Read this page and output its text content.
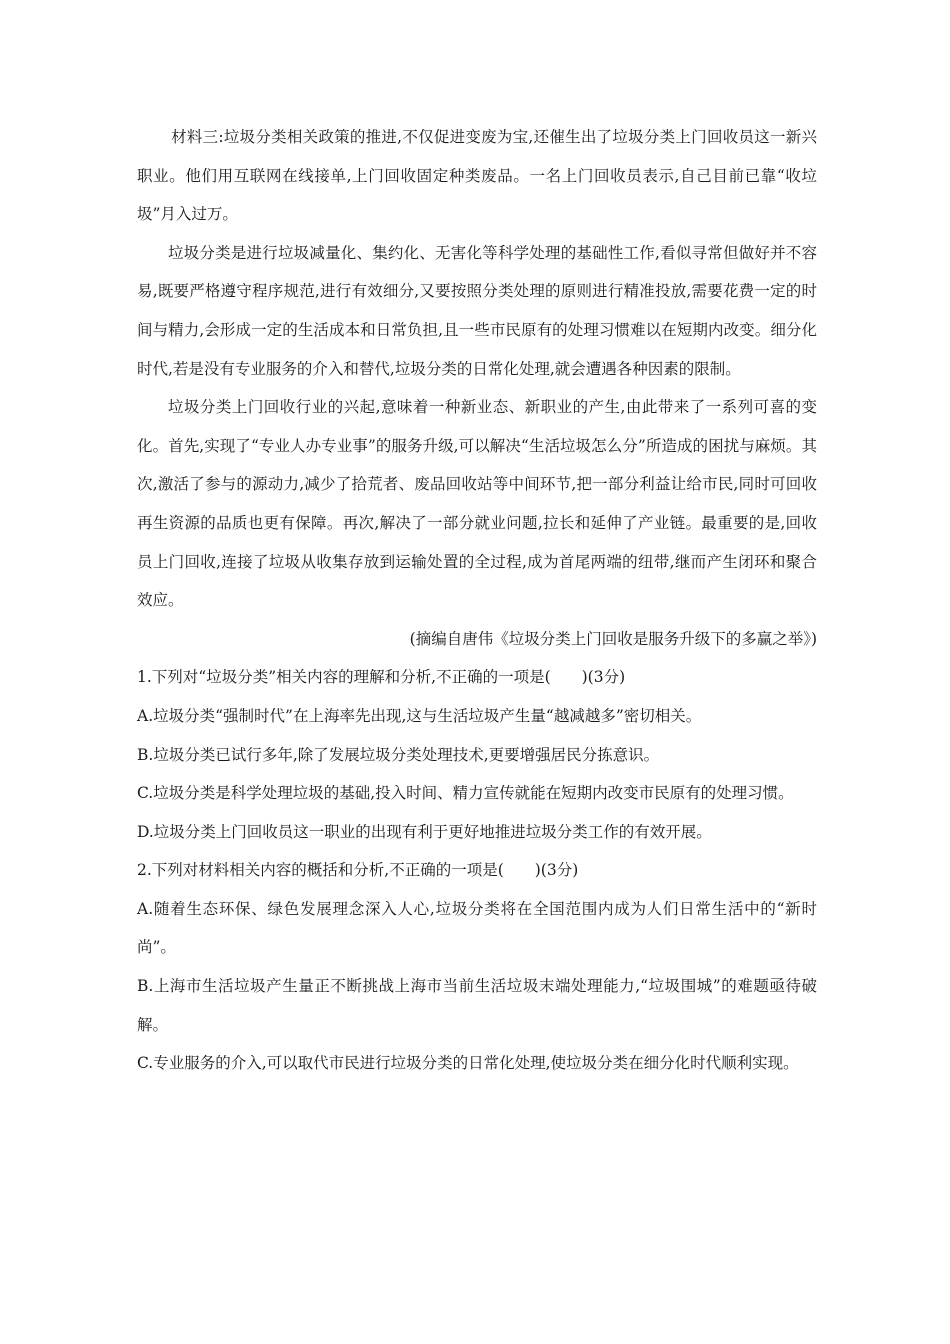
材料三:垃圾分类相关政策的推进,不仅促进变废为宝,还催生出了垃圾分类上门回收员这一新兴职业。他们用互联网在线接单,上门回收固定种类废品。一名上门回收员表示,自己目前已靠“收垃圾”月入过万。

垃圾分类是进行垃圾减量化、集约化、无害化等科学处理的基础性工作,看似寻常但做好并不容易,既要严格遵守程序规范,进行有效细分,又要按照分类处理的原则进行精准投放,需要花费一定的时间与精力,会形成一定的生活成本和日常负担,且一些市民原有的处理习惯难以在短期内改变。细分化时代,若是没有专业服务的介入和替代,垃圾分类的日常化处理,就会遭遇各种因素的限制。

垃圾分类上门回收行业的兴起,意味着一种新业态、新职业的产生,由此带来了一系列可喜的变化。首先,实现了“专业人办专业事”的服务升级,可以解决“生活垃圾怎么分”所造成的困扰与麻烦。其次,激活了参与的源动力,减少了拾荒者、废品回收站等中间环节,把一部分利益让给市民,同时可回收再生资源的品质也更有保障。再次,解决了一部分就业问题,拉长和延伸了产业链。最重要的是,回收员上门回收,连接了垃圾从收集存放到运输处置的全过程,成为首尾两端的纽带,继而产生闭环和聚合效应。

(摘编自唐伟《垃圾分类上门回收是服务升级下的多赢之举》)

1.下列对“垃圾分类”相关内容的理解和分析,不正确的一项是(　　)(3分)

A.垃圾分类“强制时代”在上海率先出现,这与生活垃圾产生量“越减越多”密切相关。

B.垃圾分类已试行多年,除了发展垃圾分类处理技术,更要增强居民分拣意识。

C.垃圾分类是科学处理垃圾的基础,投入时间、精力宣传就能在短期内改变市民原有的处理习惯。

D.垃圾分类上门回收员这一职业的出现有利于更好地推进垃圾分类工作的有效开展。

2.下列对材料相关内容的概括和分析,不正确的一项是(　　)(3分)

A.随着生态环保、绿色发展理念深入人心,垃圾分类将在全国范围内成为人们日常生活中的“新时尚”。

B.上海市生活垃圾产生量正不断挑战上海市当前生活垃圾末端处理能力,“垃圾围城”的难题亟待破解。

C.专业服务的介入,可以取代市民进行垃圾分类的日常化处理,使垃圾分类在细分化时代顺利实现。
